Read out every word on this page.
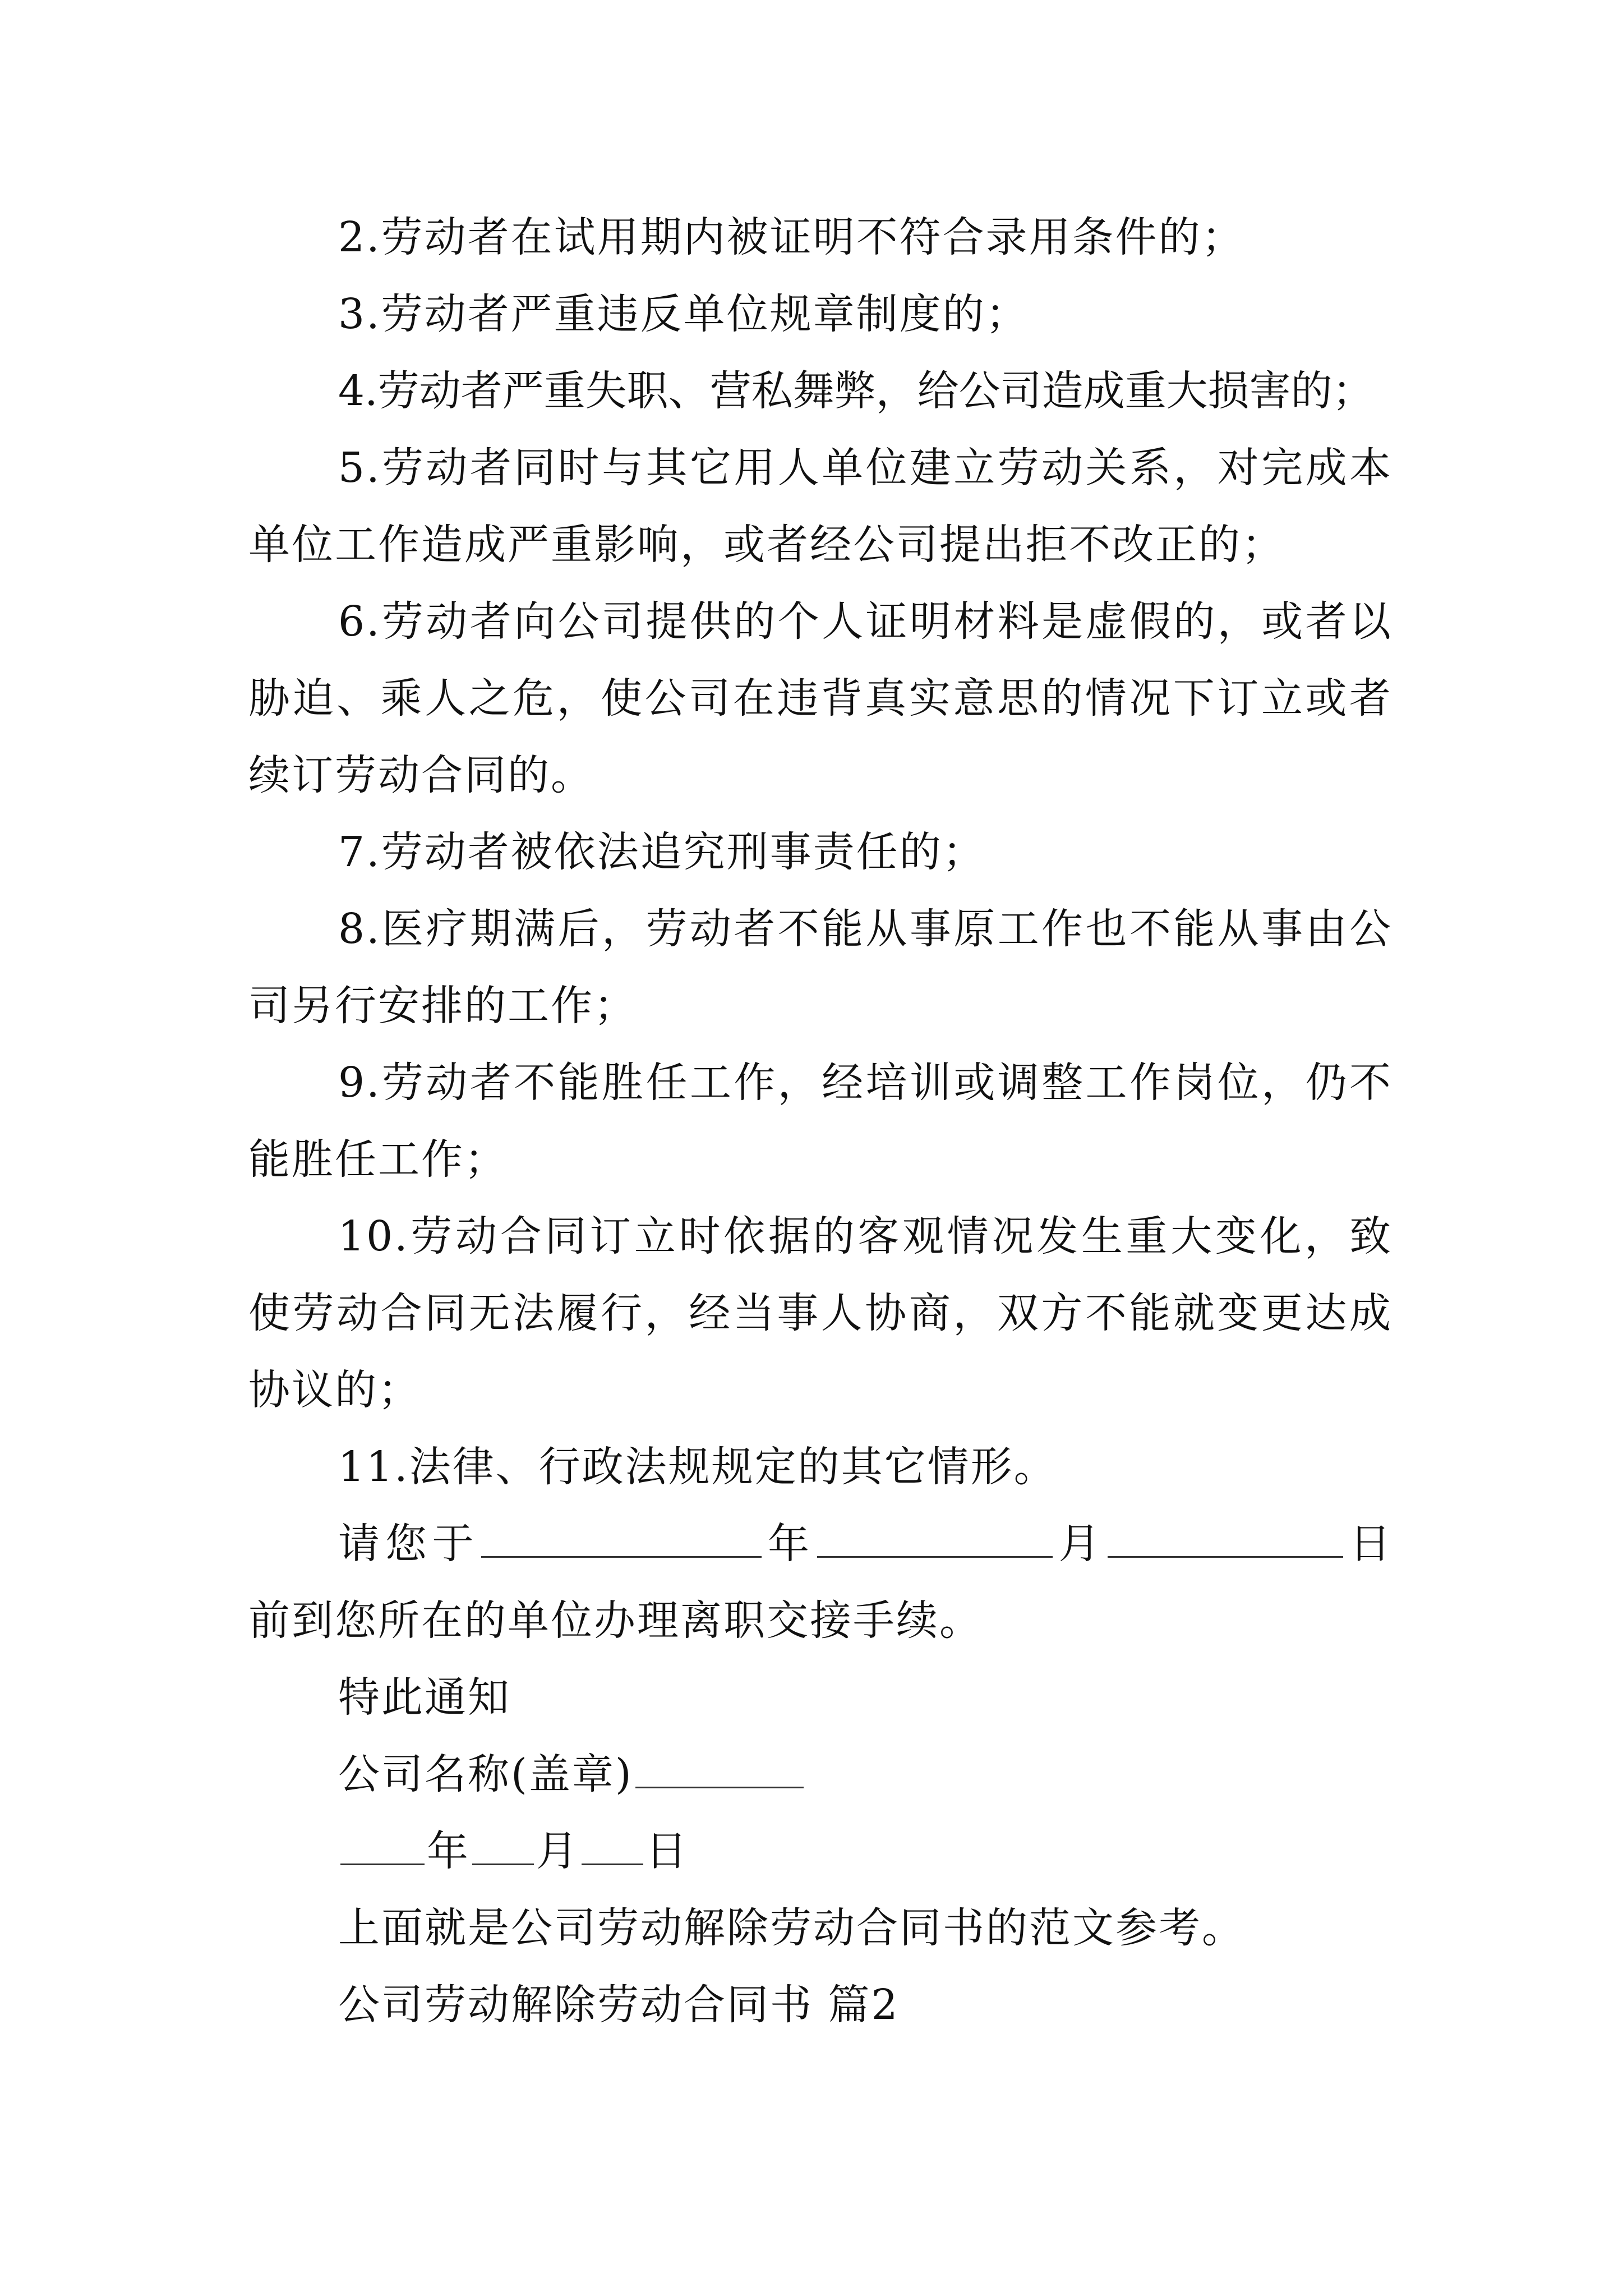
2.劳动者在试用期内被证明不符合录用条件的；

3.劳动者严重违反单位规章制度的；

4.劳动者严重失职、营私舞弊，给公司造成重大损害的；

5.劳动者同时与其它用人单位建立劳动关系，对完成本单位工作造成严重影响，或者经公司提出拒不改正的；

6.劳动者向公司提供的个人证明材料是虚假的，或者以胁迫、乘人之危，使公司在违背真实意思的情况下订立或者续订劳动合同的。

7.劳动者被依法追究刑事责任的；

8.医疗期满后，劳动者不能从事原工作也不能从事由公司另行安排的工作；

9.劳动者不能胜任工作，经培训或调整工作岗位，仍不能胜任工作；

10.劳动合同订立时依据的客观情况发生重大变化，致使劳动合同无法履行，经当事人协商，双方不能就变更达成协议的；

11.法律、行政法规规定的其它情形。

请您于	年	月	日前到您所在的单位办理离职交接手续。

特此通知

公司名称(盖章)

年 月 日

上面就是公司劳动解除劳动合同书的范文参考。

公司劳动解除劳动合同书 篇2
